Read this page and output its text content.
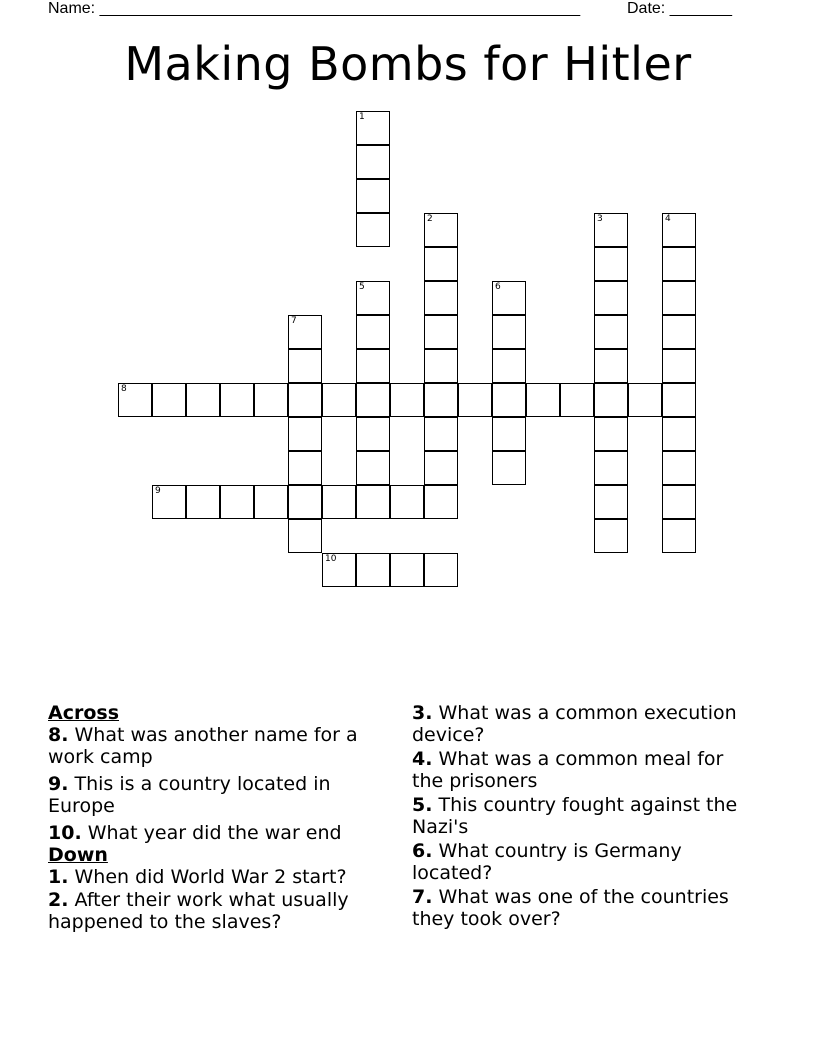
Name: ______________________________________________________	Date: _______
Making Bombs for Hitler
1
2	3	4
5	6
7
8
9
10

Across

8. What was another name for a work camp

9. This is a country located in Europe

10. What year did the war end

Down

1. When did World War 2 start?

2. After their work what usually happened to the slaves?

3. What was a common execution device?

4. What was a common meal for the prisoners

5. This country fought against the Nazi's

6. What country is Germany located?

7. What was one of the countries they took over?
